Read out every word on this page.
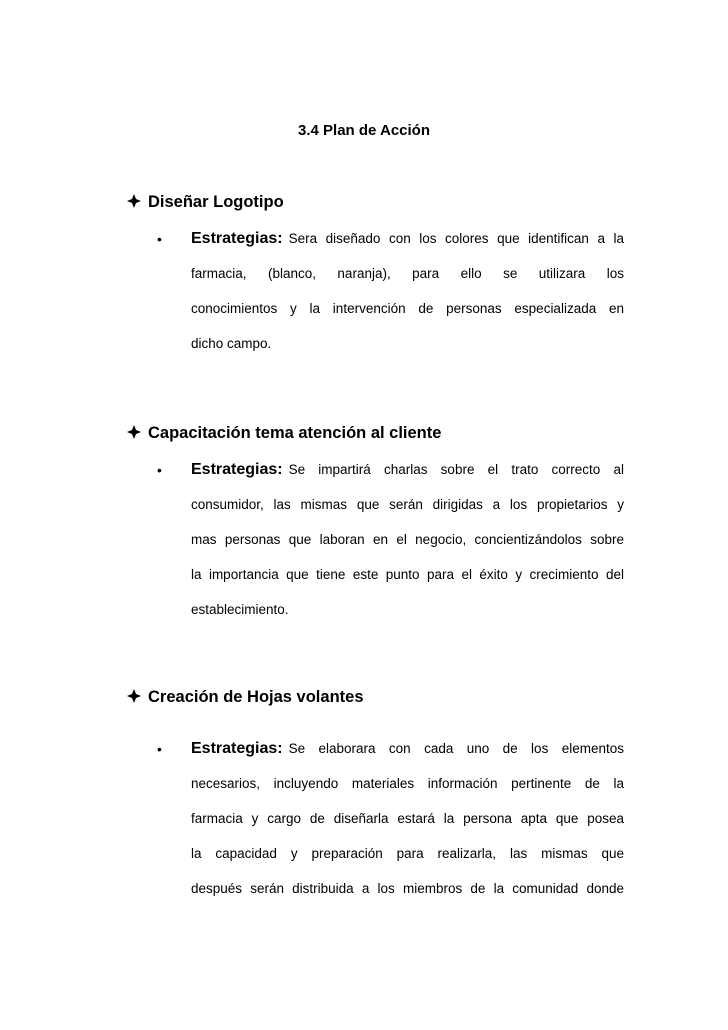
3.4 Plan de Acción
Diseñar Logotipo
• Estrategias: Sera diseñado con los colores que identifican a la
farmacia, (blanco, naranja), para ello se utilizara los
conocimientos y la intervención de personas especializada en
dicho campo.
Capacitación tema atención al cliente
• Estrategias: Se impartirá charlas sobre el trato correcto al
consumidor, las mismas que serán dirigidas a los propietarios y
mas personas que laboran en el negocio, concientizándolos sobre
la importancia que tiene este punto para el éxito y crecimiento del
establecimiento.
Creación de Hojas volantes
• Estrategias: Se elaborara con cada uno de los elementos
necesarios, incluyendo materiales información pertinente de la
farmacia y cargo de diseñarla estará la persona apta que posea
la capacidad y preparación para realizarla, las mismas que
después serán distribuida a los miembros de la comunidad donde
